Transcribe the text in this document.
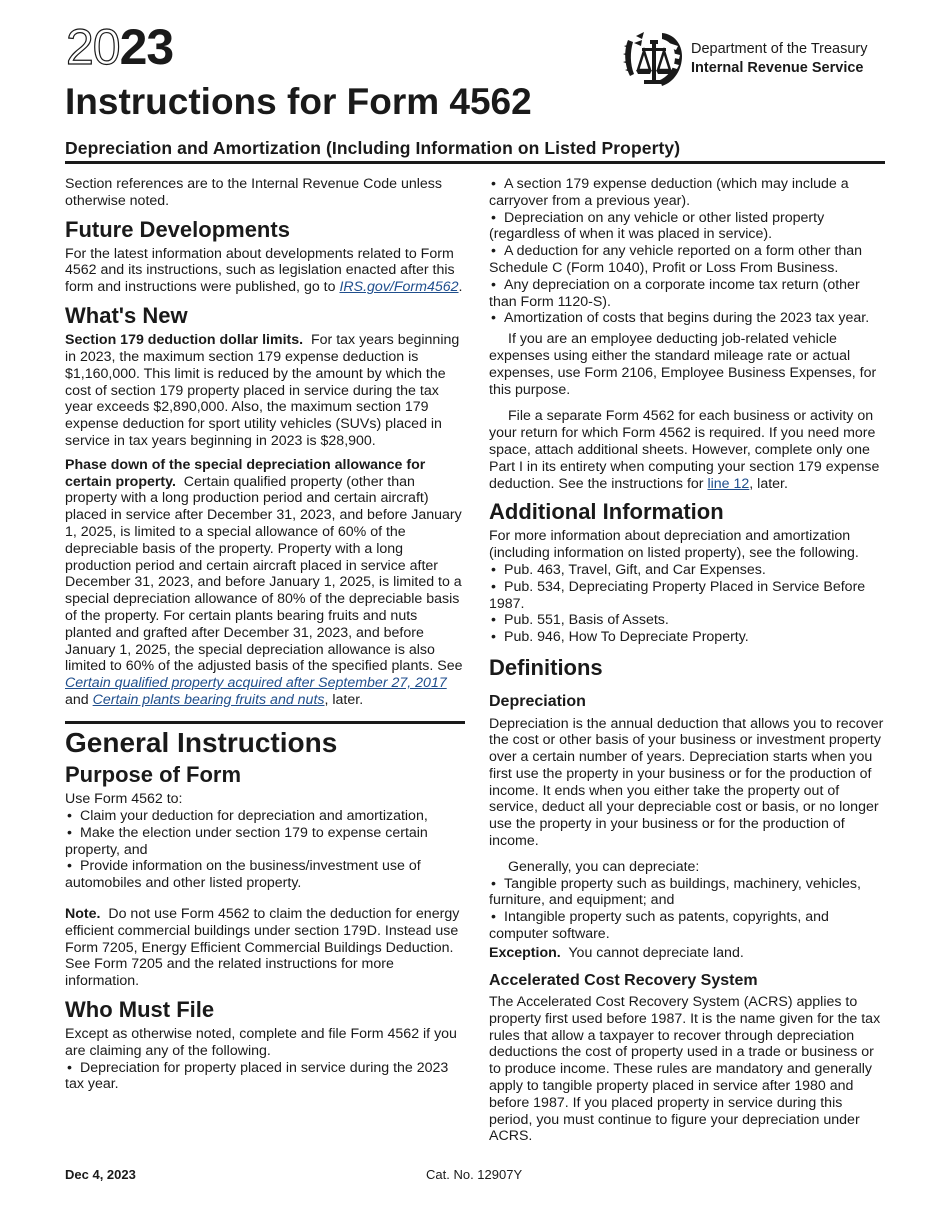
2023
Instructions for Form 4562
Depreciation and Amortization (Including Information on Listed Property)
Department of the Treasury
Internal Revenue Service

Section references are to the Internal Revenue Code unless otherwise noted.

Future Developments

For the latest information about developments related to Form 4562 and its instructions, such as legislation enacted after this form and instructions were published, go to IRS.gov/Form4562.

What's New

Section 179 deduction dollar limits. For tax years beginning in 2023, the maximum section 179 expense deduction is $1,160,000. This limit is reduced by the amount by which the cost of section 179 property placed in service during the tax year exceeds $2,890,000. Also, the maximum section 179 expense deduction for sport utility vehicles (SUVs) placed in service in tax years beginning in 2023 is $28,900.

Phase down of the special depreciation allowance for certain property. Certain qualified property (other than property with a long production period and certain aircraft) placed in service after December 31, 2023, and before January 1, 2025, is limited to a special allowance of 60% of the depreciable basis of the property. Property with a long production period and certain aircraft placed in service after December 31, 2023, and before January 1, 2025, is limited to a special depreciation allowance of 80% of the depreciable basis of the property. For certain plants bearing fruits and nuts planted and grafted after December 31, 2023, and before January 1, 2025, the special depreciation allowance is also limited to 60% of the adjusted basis of the specified plants. See Certain qualified property acquired after September 27, 2017 and Certain plants bearing fruits and nuts, later.

General Instructions
Purpose of Form

Use Form 4562 to:

• Claim your deduction for depreciation and amortization,

• Make the election under section 179 to expense certain property, and

• Provide information on the business/investment use of automobiles and other listed property.

Note. Do not use Form 4562 to claim the deduction for energy efficient commercial buildings under section 179D. Instead use Form 7205, Energy Efficient Commercial Buildings Deduction. See Form 7205 and the related instructions for more information.

Who Must File

Except as otherwise noted, complete and file Form 4562 if you are claiming any of the following.

• Depreciation for property placed in service during the 2023 tax year.

• A section 179 expense deduction (which may include a carryover from a previous year).

• Depreciation on any vehicle or other listed property (regardless of when it was placed in service).

• A deduction for any vehicle reported on a form other than Schedule C (Form 1040), Profit or Loss From Business.

• Any depreciation on a corporate income tax return (other than Form 1120-S).

• Amortization of costs that begins during the 2023 tax year.

If you are an employee deducting job-related vehicle expenses using either the standard mileage rate or actual expenses, use Form 2106, Employee Business Expenses, for this purpose.

File a separate Form 4562 for each business or activity on your return for which Form 4562 is required. If you need more space, attach additional sheets. However, complete only one Part I in its entirety when computing your section 179 expense deduction. See the instructions for line 12, later.

Additional Information

For more information about depreciation and amortization (including information on listed property), see the following.

• Pub. 463, Travel, Gift, and Car Expenses.

• Pub. 534, Depreciating Property Placed in Service Before 1987.

• Pub. 551, Basis of Assets.

• Pub. 946, How To Depreciate Property.

Definitions
Depreciation

Depreciation is the annual deduction that allows you to recover the cost or other basis of your business or investment property over a certain number of years. Depreciation starts when you first use the property in your business or for the production of income. It ends when you either take the property out of service, deduct all your depreciable cost or basis, or no longer use the property in your business or for the production of income.

Generally, you can depreciate:

• Tangible property such as buildings, machinery, vehicles, furniture, and equipment; and

• Intangible property such as patents, copyrights, and computer software.

Exception. You cannot depreciate land.

Accelerated Cost Recovery System

The Accelerated Cost Recovery System (ACRS) applies to property first used before 1987. It is the name given for the tax rules that allow a taxpayer to recover through depreciation deductions the cost of property used in a trade or business or to produce income. These rules are mandatory and generally apply to tangible property placed in service after 1980 and before 1987. If you placed property in service during this period, you must continue to figure your depreciation under ACRS.

Dec 4, 2023	Cat. No. 12907Y
